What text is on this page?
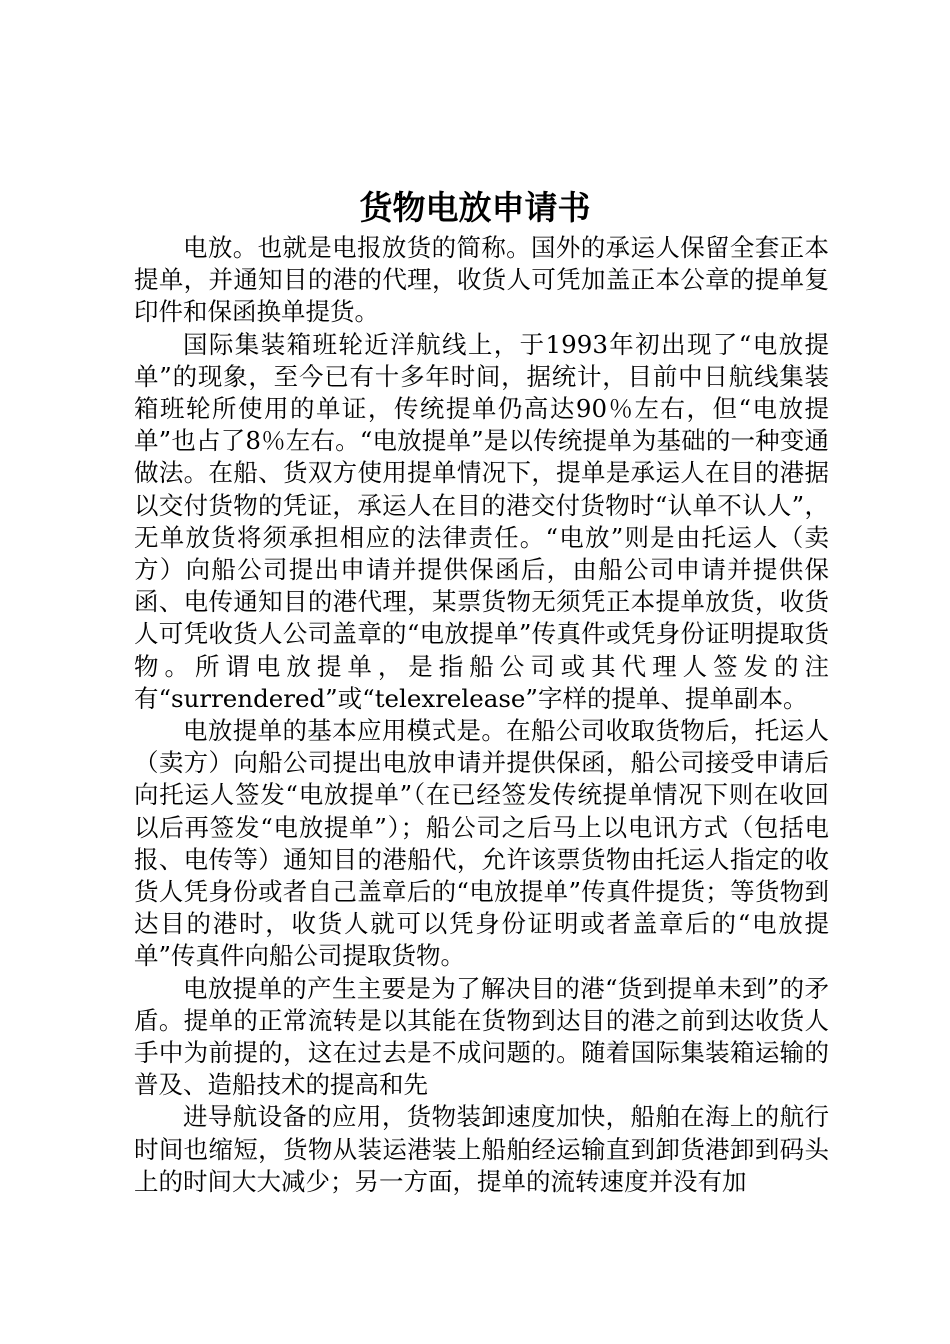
货物电放申请书

电放。也就是电报放货的简称。国外的承运人保留全套正本提单，并通知目的港的代理，收货人可凭加盖正本公章的提单复印件和保函换单提货。

国际集装箱班轮近洋航线上，于1993年初出现了“电放提单”的现象，至今已有十多年时间，据统计，目前中日航线集装箱班轮所使用的单证，传统提单仍高达90％左右，但“电放提单”也占了8％左右。“电放提单”是以传统提单为基础的一种变通做法。在船、货双方使用提单情况下，提单是承运人在目的港据以交付货物的凭证，承运人在目的港交付货物时“认单不认人”，无单放货将须承担相应的法律责任。“电放”则是由托运人（卖方）向船公司提出申请并提供保函后，由船公司申请并提供保函、电传通知目的港代理，某票货物无须凭正本提单放货，收货人可凭收货人公司盖章的“电放提单”传真件或凭身份证明提取货物。所谓电放提单，是指船公司或其代理人签发的注有“surrendered”或“telexrelease”字样的提单、提单副本。

电放提单的基本应用模式是。在船公司收取货物后，托运人（卖方）向船公司提出电放申请并提供保函，船公司接受申请后向托运人签发“电放提单”（在已经签发传统提单情况下则在收回以后再签发“电放提单”）；船公司之后马上以电讯方式（包括电报、电传等）通知目的港船代，允许该票货物由托运人指定的收货人凭身份或者自己盖章后的“电放提单”传真件提货；等货物到达目的港时，收货人就可以凭身份证明或者盖章后的“电放提单”传真件向船公司提取货物。

电放提单的产生主要是为了解决目的港“货到提单未到”的矛盾。提单的正常流转是以其能在货物到达目的港之前到达收货人手中为前提的，这在过去是不成问题的。随着国际集装箱运输的普及、造船技术的提高和先

进导航设备的应用，货物装卸速度加快，船舶在海上的航行时间也缩短，货物从装运港装上船舶经运输直到卸货港卸到码头上的时间大大减少；另一方面，提单的流转速度并没有加
